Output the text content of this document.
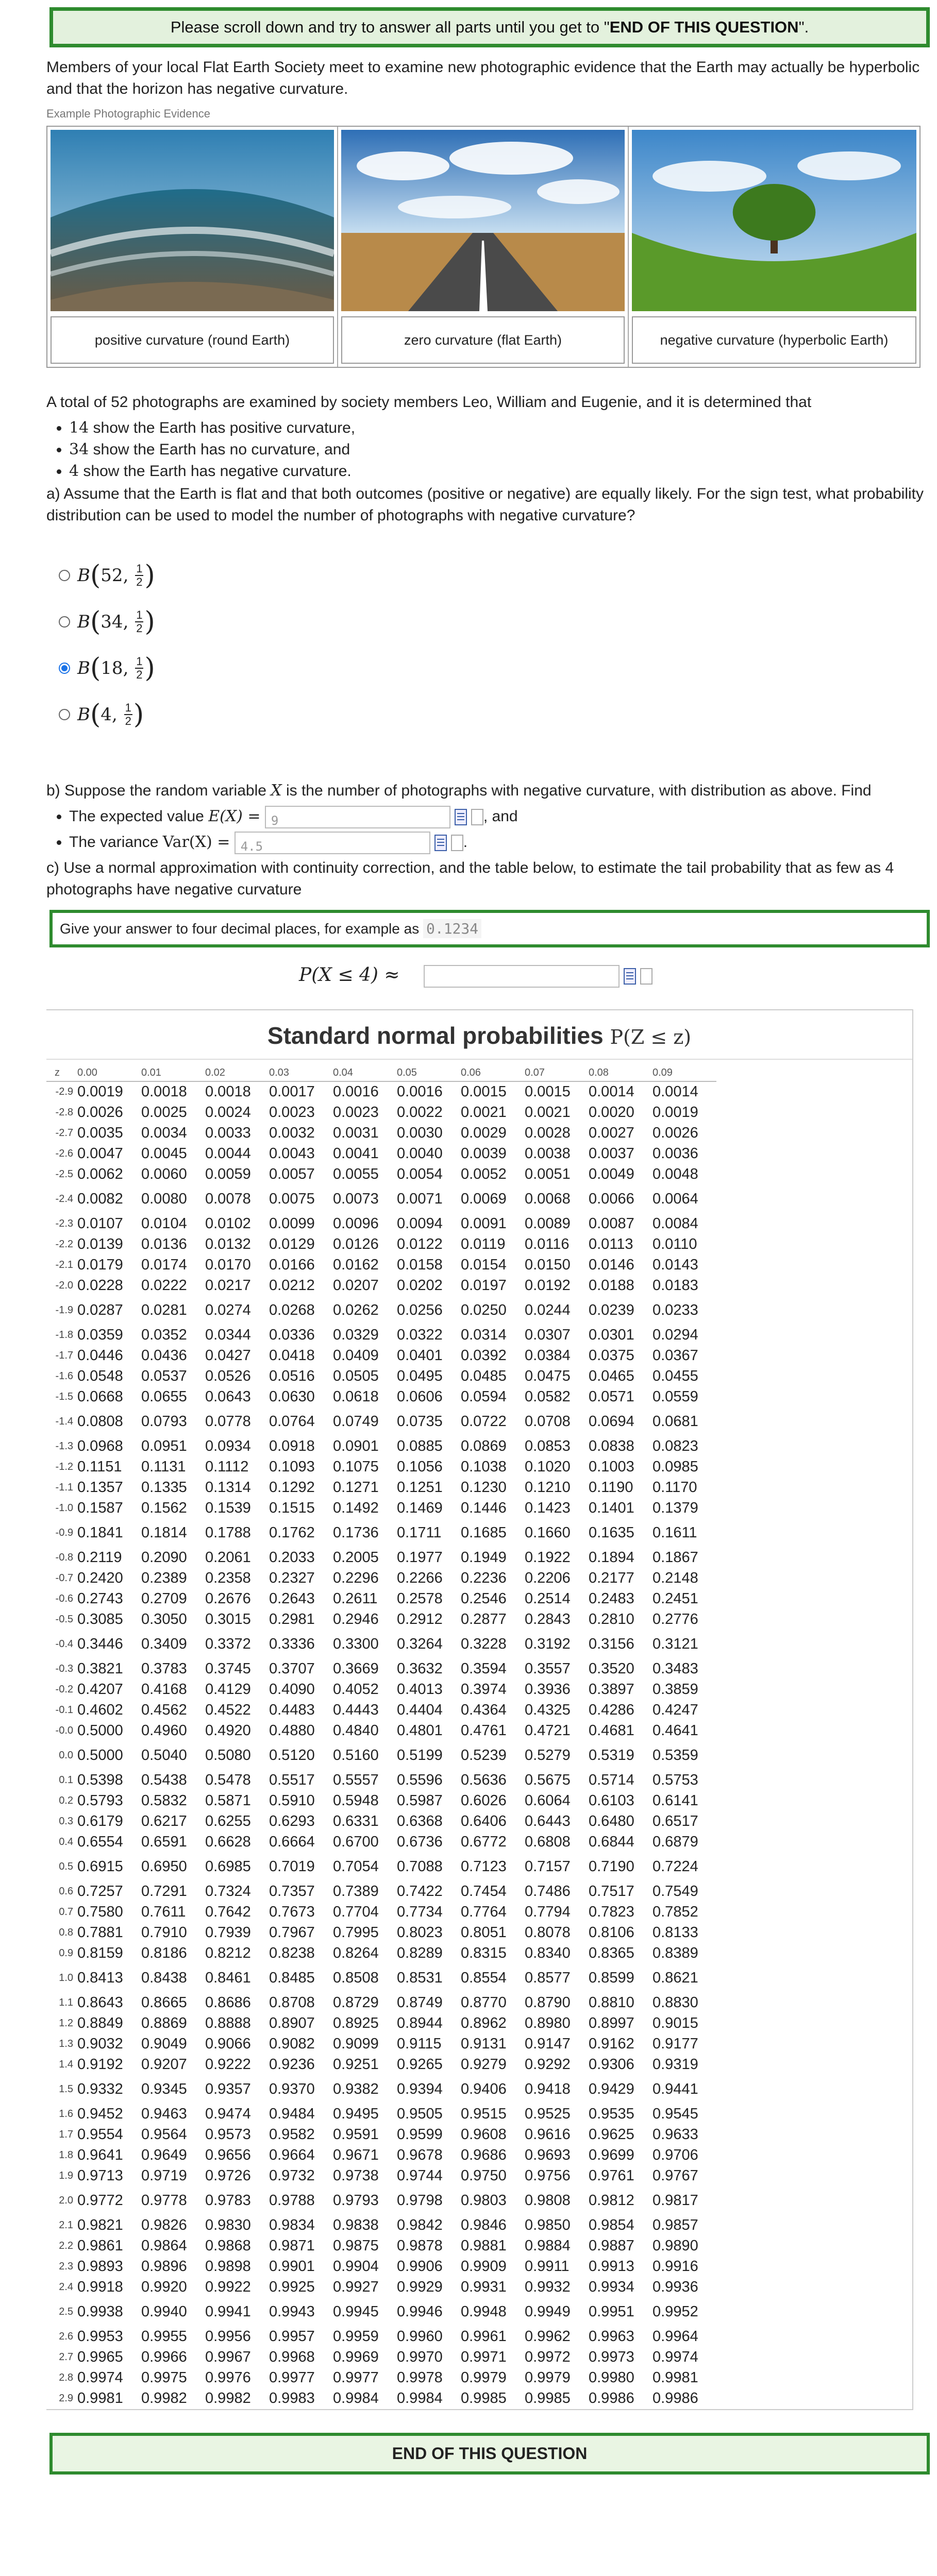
Please scroll down and try to answer all parts until you get to "END OF THIS QUESTION".
Members of your local Flat Earth Society meet to examine new photographic evidence that the Earth may actually be hyperbolic and that the horizon has negative curvature.
Example Photographic Evidence
positive curvature (round Earth)	zero curvature (flat Earth)	negative curvature (hyperbolic Earth)
A total of 52 photographs are examined by society members Leo, William and Eugenie, and it is determined that
• 14 show the Earth has positive curvature,
• 34 show the Earth has no curvature, and
• 4 show the Earth has negative curvature.
a) Assume that the Earth is flat and that both outcomes (positive or negative) are equally likely. For the sign test, what probability distribution can be used to model the number of photographs with negative curvature?
B ( 52 , $\frac{1}{2}$ )
B ( 34 , $\frac{1}{2}$ )
B ( 18 , $\frac{1}{2}$ )
B ( 4 , $\frac{1}{2}$ )
b) Suppose the random variable X is the number of photographs with negative curvature, with distribution as above. Find
• The expected value E(X) = 9	, and
• The variance Var(X) = 4.5	.
c) Use a normal approximation with continuity correction, and the table below, to estimate the tail probability that as few as 4 photographs have negative curvature
Give your answer to four decimal places, for example as 0.1234
P(X ≤ 4) ≈
Standard normal probabilities P(Z ≤ z)
z	0.00	0.01	0.02	0.03	0.04	0.05	0.06	0.07	0.08	0.09
-2.9	0.0019	0.0018	0.0018	0.0017	0.0016	0.0016	0.0015	0.0015	0.0014	0.0014
-2.8	0.0026	0.0025	0.0024	0.0023	0.0023	0.0022	0.0021	0.0021	0.0020	0.0019
-2.7	0.0035	0.0034	0.0033	0.0032	0.0031	0.0030	0.0029	0.0028	0.0027	0.0026
-2.6	0.0047	0.0045	0.0044	0.0043	0.0041	0.0040	0.0039	0.0038	0.0037	0.0036
-2.5	0.0062	0.0060	0.0059	0.0057	0.0055	0.0054	0.0052	0.0051	0.0049	0.0048
-2.4	0.0082	0.0080	0.0078	0.0075	0.0073	0.0071	0.0069	0.0068	0.0066	0.0064
-2.3	0.0107	0.0104	0.0102	0.0099	0.0096	0.0094	0.0091	0.0089	0.0087	0.0084
-2.2	0.0139	0.0136	0.0132	0.0129	0.0126	0.0122	0.0119	0.0116	0.0113	0.0110
-2.1	0.0179	0.0174	0.0170	0.0166	0.0162	0.0158	0.0154	0.0150	0.0146	0.0143
-2.0	0.0228	0.0222	0.0217	0.0212	0.0207	0.0202	0.0197	0.0192	0.0188	0.0183
-1.9	0.0287	0.0281	0.0274	0.0268	0.0262	0.0256	0.0250	0.0244	0.0239	0.0233
-1.8	0.0359	0.0352	0.0344	0.0336	0.0329	0.0322	0.0314	0.0307	0.0301	0.0294
-1.7	0.0446	0.0436	0.0427	0.0418	0.0409	0.0401	0.0392	0.0384	0.0375	0.0367
-1.6	0.0548	0.0537	0.0526	0.0516	0.0505	0.0495	0.0485	0.0475	0.0465	0.0455
-1.5	0.0668	0.0655	0.0643	0.0630	0.0618	0.0606	0.0594	0.0582	0.0571	0.0559
-1.4	0.0808	0.0793	0.0778	0.0764	0.0749	0.0735	0.0722	0.0708	0.0694	0.0681
-1.3	0.0968	0.0951	0.0934	0.0918	0.0901	0.0885	0.0869	0.0853	0.0838	0.0823
-1.2	0.1151	0.1131	0.1112	0.1093	0.1075	0.1056	0.1038	0.1020	0.1003	0.0985
-1.1	0.1357	0.1335	0.1314	0.1292	0.1271	0.1251	0.1230	0.1210	0.1190	0.1170
-1.0	0.1587	0.1562	0.1539	0.1515	0.1492	0.1469	0.1446	0.1423	0.1401	0.1379
-0.9	0.1841	0.1814	0.1788	0.1762	0.1736	0.1711	0.1685	0.1660	0.1635	0.1611
-0.8	0.2119	0.2090	0.2061	0.2033	0.2005	0.1977	0.1949	0.1922	0.1894	0.1867
-0.7	0.2420	0.2389	0.2358	0.2327	0.2296	0.2266	0.2236	0.2206	0.2177	0.2148
-0.6	0.2743	0.2709	0.2676	0.2643	0.2611	0.2578	0.2546	0.2514	0.2483	0.2451
-0.5	0.3085	0.3050	0.3015	0.2981	0.2946	0.2912	0.2877	0.2843	0.2810	0.2776
-0.4	0.3446	0.3409	0.3372	0.3336	0.3300	0.3264	0.3228	0.3192	0.3156	0.3121
-0.3	0.3821	0.3783	0.3745	0.3707	0.3669	0.3632	0.3594	0.3557	0.3520	0.3483
-0.2	0.4207	0.4168	0.4129	0.4090	0.4052	0.4013	0.3974	0.3936	0.3897	0.3859
-0.1	0.4602	0.4562	0.4522	0.4483	0.4443	0.4404	0.4364	0.4325	0.4286	0.4247
-0.0	0.5000	0.4960	0.4920	0.4880	0.4840	0.4801	0.4761	0.4721	0.4681	0.4641
0.0	0.5000	0.5040	0.5080	0.5120	0.5160	0.5199	0.5239	0.5279	0.5319	0.5359
0.1	0.5398	0.5438	0.5478	0.5517	0.5557	0.5596	0.5636	0.5675	0.5714	0.5753
0.2	0.5793	0.5832	0.5871	0.5910	0.5948	0.5987	0.6026	0.6064	0.6103	0.6141
0.3	0.6179	0.6217	0.6255	0.6293	0.6331	0.6368	0.6406	0.6443	0.6480	0.6517
0.4	0.6554	0.6591	0.6628	0.6664	0.6700	0.6736	0.6772	0.6808	0.6844	0.6879
0.5	0.6915	0.6950	0.6985	0.7019	0.7054	0.7088	0.7123	0.7157	0.7190	0.7224
0.6	0.7257	0.7291	0.7324	0.7357	0.7389	0.7422	0.7454	0.7486	0.7517	0.7549
0.7	0.7580	0.7611	0.7642	0.7673	0.7704	0.7734	0.7764	0.7794	0.7823	0.7852
0.8	0.7881	0.7910	0.7939	0.7967	0.7995	0.8023	0.8051	0.8078	0.8106	0.8133
0.9	0.8159	0.8186	0.8212	0.8238	0.8264	0.8289	0.8315	0.8340	0.8365	0.8389
1.0	0.8413	0.8438	0.8461	0.8485	0.8508	0.8531	0.8554	0.8577	0.8599	0.8621
1.1	0.8643	0.8665	0.8686	0.8708	0.8729	0.8749	0.8770	0.8790	0.8810	0.8830
1.2	0.8849	0.8869	0.8888	0.8907	0.8925	0.8944	0.8962	0.8980	0.8997	0.9015
1.3	0.9032	0.9049	0.9066	0.9082	0.9099	0.9115	0.9131	0.9147	0.9162	0.9177
1.4	0.9192	0.9207	0.9222	0.9236	0.9251	0.9265	0.9279	0.9292	0.9306	0.9319
1.5	0.9332	0.9345	0.9357	0.9370	0.9382	0.9394	0.9406	0.9418	0.9429	0.9441
1.6	0.9452	0.9463	0.9474	0.9484	0.9495	0.9505	0.9515	0.9525	0.9535	0.9545
1.7	0.9554	0.9564	0.9573	0.9582	0.9591	0.9599	0.9608	0.9616	0.9625	0.9633
1.8	0.9641	0.9649	0.9656	0.9664	0.9671	0.9678	0.9686	0.9693	0.9699	0.9706
1.9	0.9713	0.9719	0.9726	0.9732	0.9738	0.9744	0.9750	0.9756	0.9761	0.9767
2.0	0.9772	0.9778	0.9783	0.9788	0.9793	0.9798	0.9803	0.9808	0.9812	0.9817
2.1	0.9821	0.9826	0.9830	0.9834	0.9838	0.9842	0.9846	0.9850	0.9854	0.9857
2.2	0.9861	0.9864	0.9868	0.9871	0.9875	0.9878	0.9881	0.9884	0.9887	0.9890
2.3	0.9893	0.9896	0.9898	0.9901	0.9904	0.9906	0.9909	0.9911	0.9913	0.9916
2.4	0.9918	0.9920	0.9922	0.9925	0.9927	0.9929	0.9931	0.9932	0.9934	0.9936
2.5	0.9938	0.9940	0.9941	0.9943	0.9945	0.9946	0.9948	0.9949	0.9951	0.9952
2.6	0.9953	0.9955	0.9956	0.9957	0.9959	0.9960	0.9961	0.9962	0.9963	0.9964
2.7	0.9965	0.9966	0.9967	0.9968	0.9969	0.9970	0.9971	0.9972	0.9973	0.9974
2.8	0.9974	0.9975	0.9976	0.9977	0.9977	0.9978	0.9979	0.9979	0.9980	0.9981
2.9	0.9981	0.9982	0.9982	0.9983	0.9984	0.9984	0.9985	0.9985	0.9986	0.9986
END OF THIS QUESTION
